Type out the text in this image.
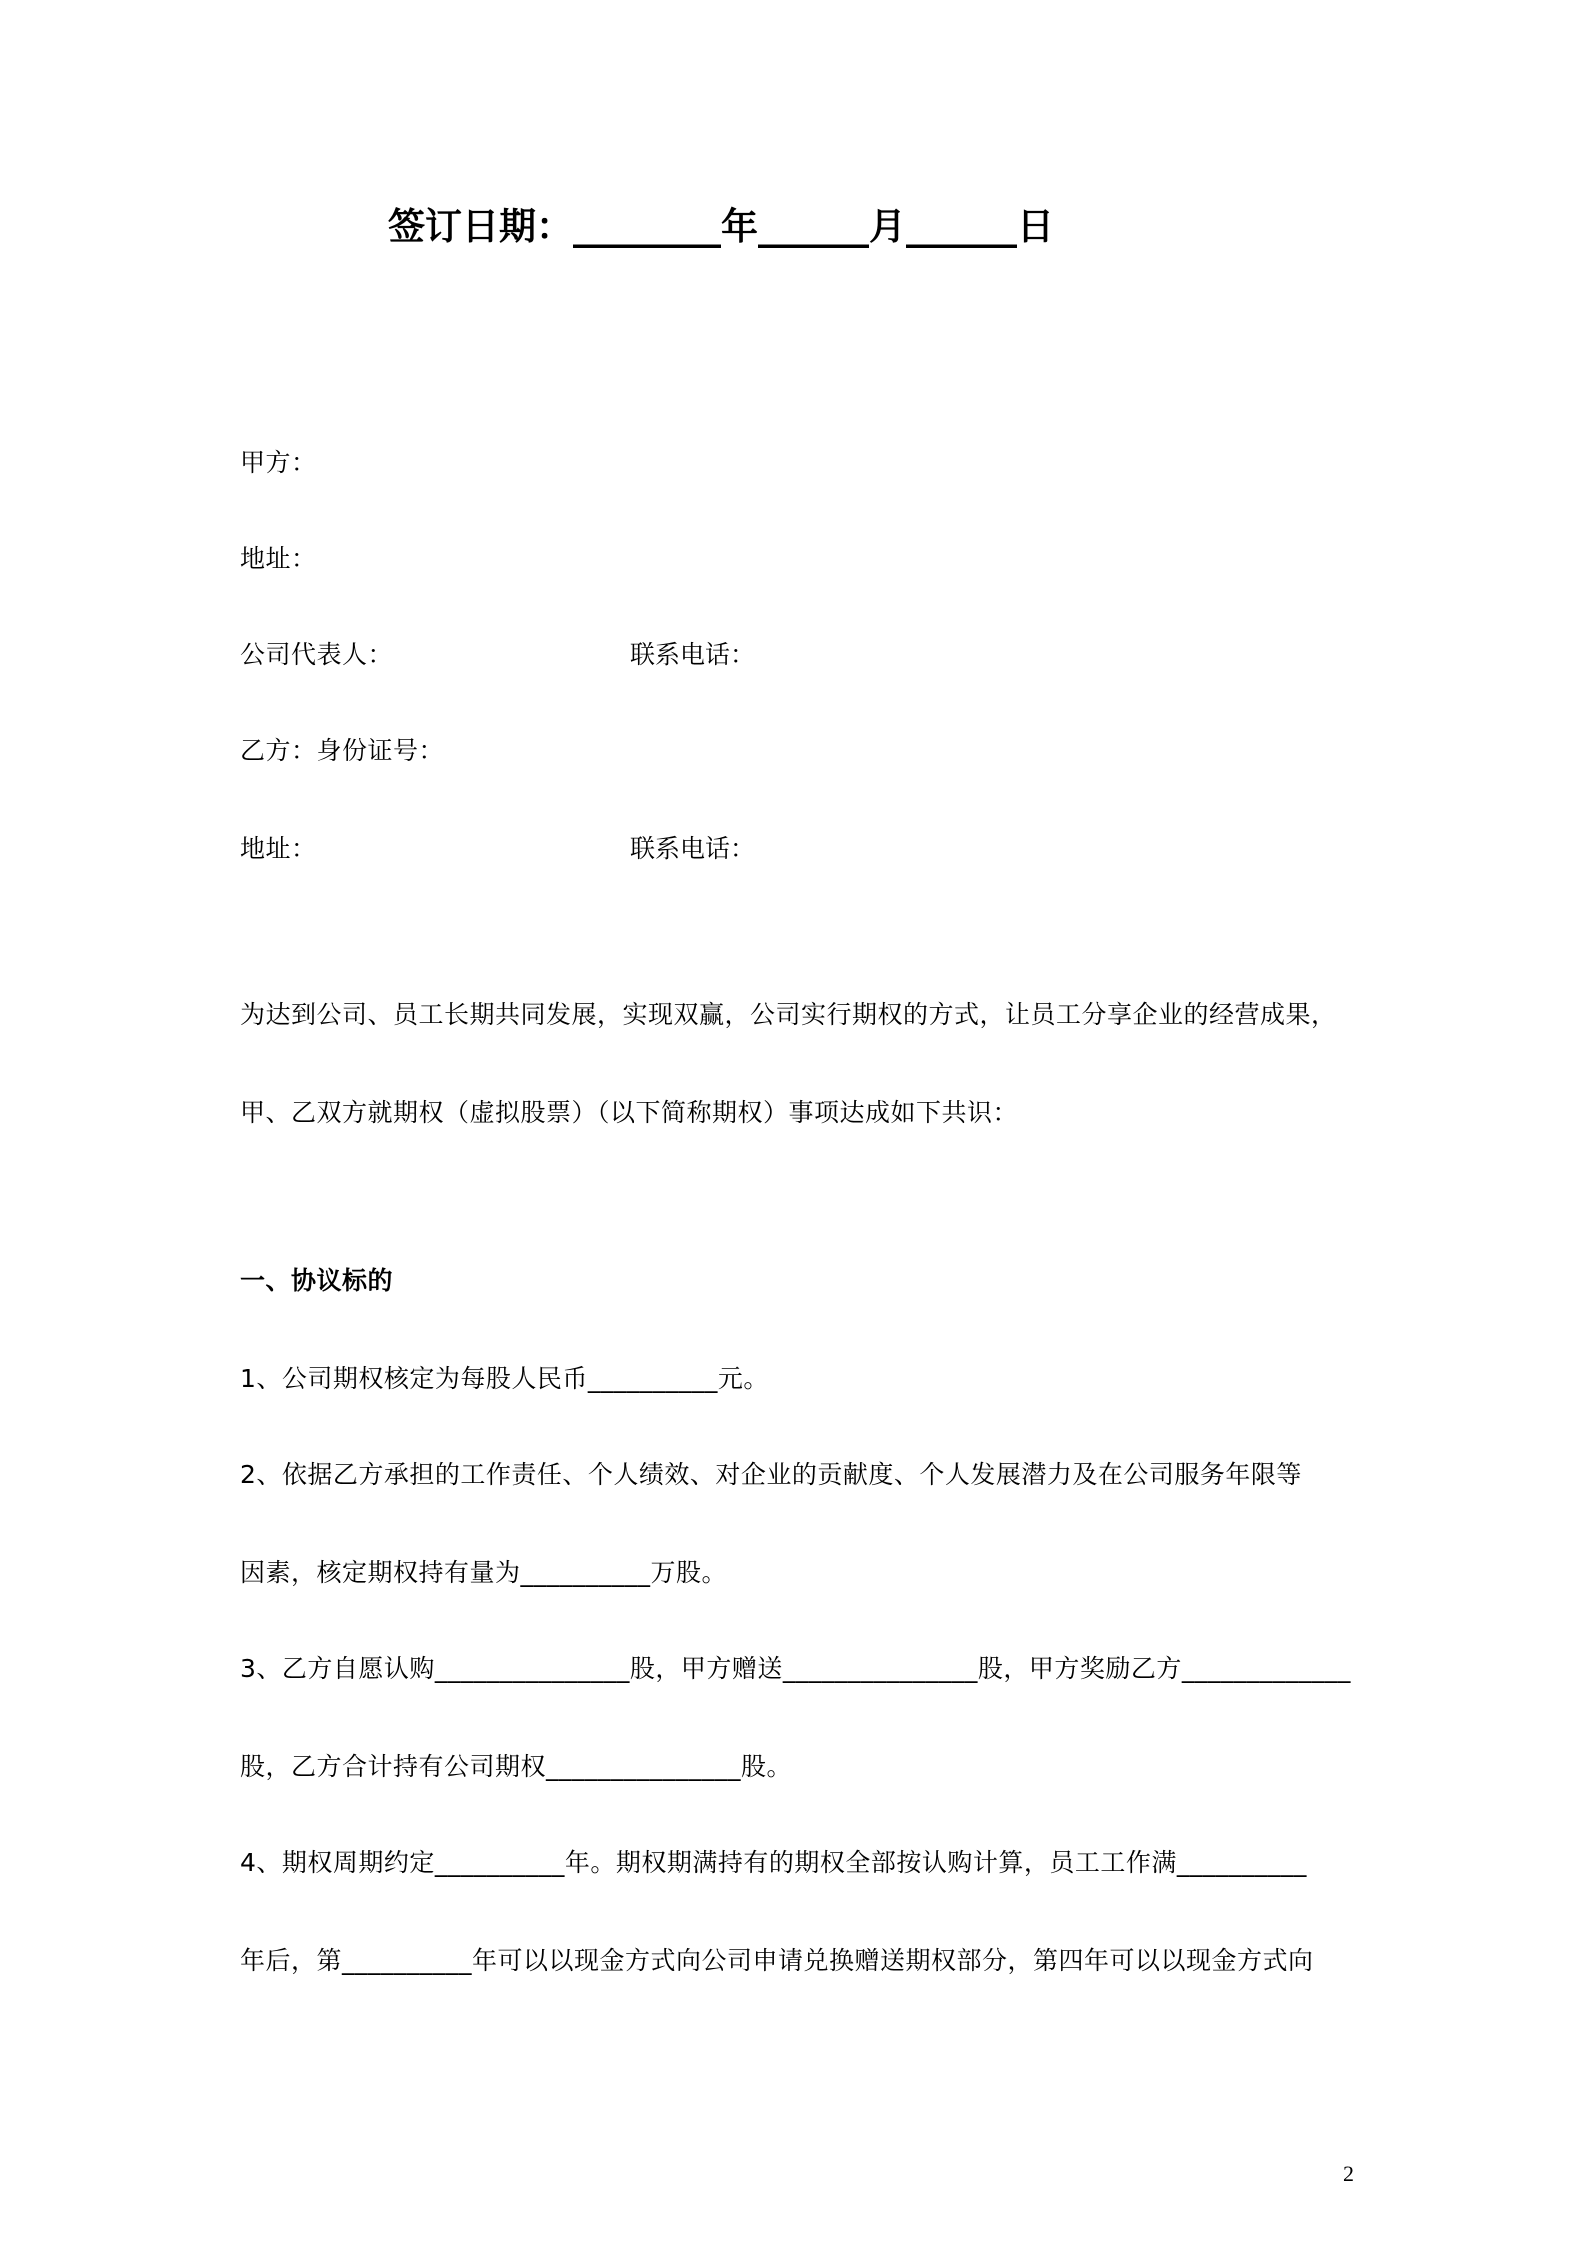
签订日期：________年______月______日
甲方：
地址：
公司代表人：	联系电话：
乙方：身份证号：
地址：	联系电话：
为达到公司、员工长期共同发展，实现双赢，公司实行期权的方式，让员工分享企业的经营成果，
甲、乙双方就期权（虚拟股票）（以下简称期权）事项达成如下共识：
一、协议标的
1、公司期权核定为每股人民币__________元。
2、依据乙方承担的工作责任、个人绩效、对企业的贡献度、个人发展潜力及在公司服务年限等
因素，核定期权持有量为__________万股。
3、乙方自愿认购_______________股，甲方赠送_______________股，甲方奖励乙方_____________
股，乙方合计持有公司期权_______________股。
4、期权周期约定__________年。期权期满持有的期权全部按认购计算，员工工作满__________
年后，第__________年可以以现金方式向公司申请兑换赠送期权部分，第四年可以以现金方式向
2
